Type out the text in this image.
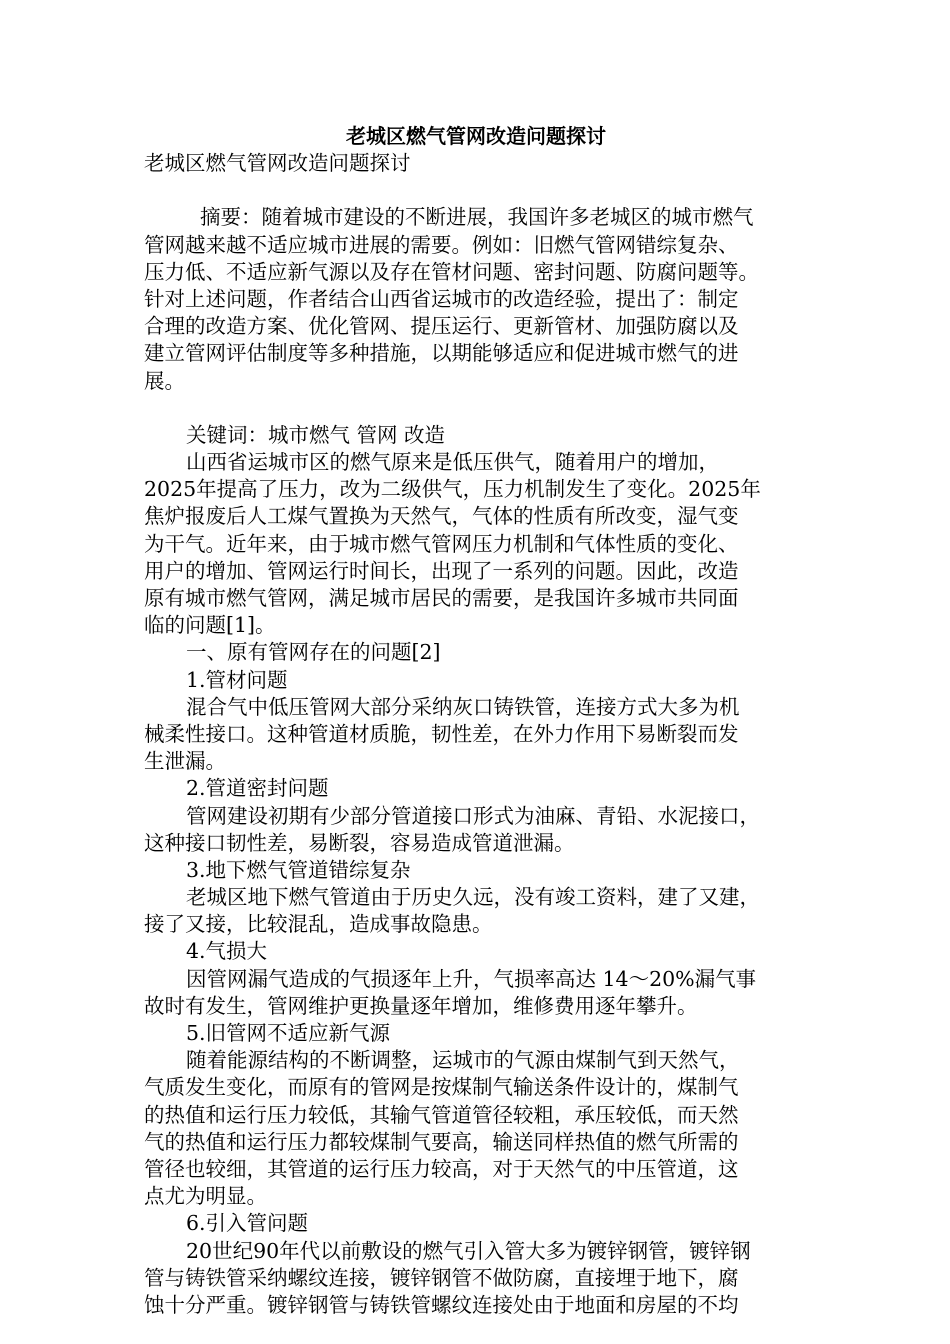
老城区燃气管网改造问题探讨
老城区燃气管网改造问题探讨
摘要：随着城市建设的不断进展，我国许多老城区的城市燃气
管网越来越不适应城市进展的需要。例如：旧燃气管网错综复杂、
压力低、不适应新气源以及存在管材问题、密封问题、防腐问题等。
针对上述问题，作者结合山西省运城市的改造经验，提出了：制定
合理的改造方案、优化管网、提压运行、更新管材、加强防腐以及
建立管网评估制度等多种措施，以期能够适应和促进城市燃气的进
展。
关键词：城市燃气 管网 改造
山西省运城市区的燃气原来是低压供气，随着用户的增加，
2025年提高了压力，改为二级供气，压力机制发生了变化。2025年
焦炉报废后人工煤气置换为天然气，气体的性质有所改变，湿气变
为干气。近年来，由于城市燃气管网压力机制和气体性质的变化、
用户的增加、管网运行时间长，出现了一系列的问题。因此，改造
原有城市燃气管网，满足城市居民的需要，是我国许多城市共同面
临的问题[1]。
一、原有管网存在的问题[2]
1.管材问题
混合气中低压管网大部分采纳灰口铸铁管，连接方式大多为机
械柔性接口。这种管道材质脆，韧性差，在外力作用下易断裂而发
生泄漏。
2.管道密封问题
管网建设初期有少部分管道接口形式为油麻、青铅、水泥接口，
这种接口韧性差，易断裂，容易造成管道泄漏。
3.地下燃气管道错综复杂
老城区地下燃气管道由于历史久远，没有竣工资料，建了又建，
接了又接，比较混乱，造成事故隐患。
4.气损大
因管网漏气造成的气损逐年上升，气损率高达 14～20%漏气事
故时有发生，管网维护更换量逐年增加，维修费用逐年攀升。
5.旧管网不适应新气源
随着能源结构的不断调整，运城市的气源由煤制气到天然气，
气质发生变化，而原有的管网是按煤制气输送条件设计的，煤制气
的热值和运行压力较低，其输气管道管径较粗，承压较低，而天然
气的热值和运行压力都较煤制气要高，输送同样热值的燃气所需的
管径也较细，其管道的运行压力较高，对于天然气的中压管道，这
点尤为明显。
6.引入管问题
20世纪90年代以前敷设的燃气引入管大多为镀锌钢管，镀锌钢
管与铸铁管采纳螺纹连接，镀锌钢管不做防腐，直接埋于地下，腐
蚀十分严重。镀锌钢管与铸铁管螺纹连接处由于地面和房屋的不均
